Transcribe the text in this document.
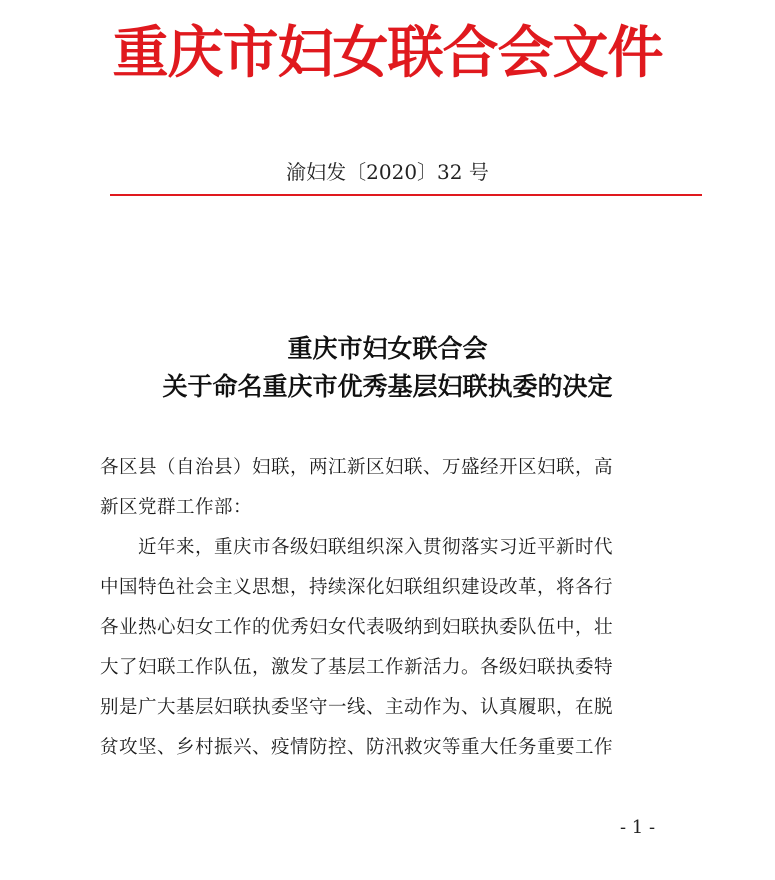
重庆市妇女联合会文件
渝妇发〔2020〕32 号
重庆市妇女联合会
关于命名重庆市优秀基层妇联执委的决定
各区县（自治县）妇联，两江新区妇联、万盛经开区妇联，高
新区党群工作部：
近年来，重庆市各级妇联组织深入贯彻落实习近平新时代
中国特色社会主义思想，持续深化妇联组织建设改革，将各行
各业热心妇女工作的优秀妇女代表吸纳到妇联执委队伍中，壮
大了妇联工作队伍，激发了基层工作新活力。各级妇联执委特
别是广大基层妇联执委坚守一线、主动作为、认真履职，在脱
贫攻坚、乡村振兴、疫情防控、防汛救灾等重大任务重要工作
- 1 -
